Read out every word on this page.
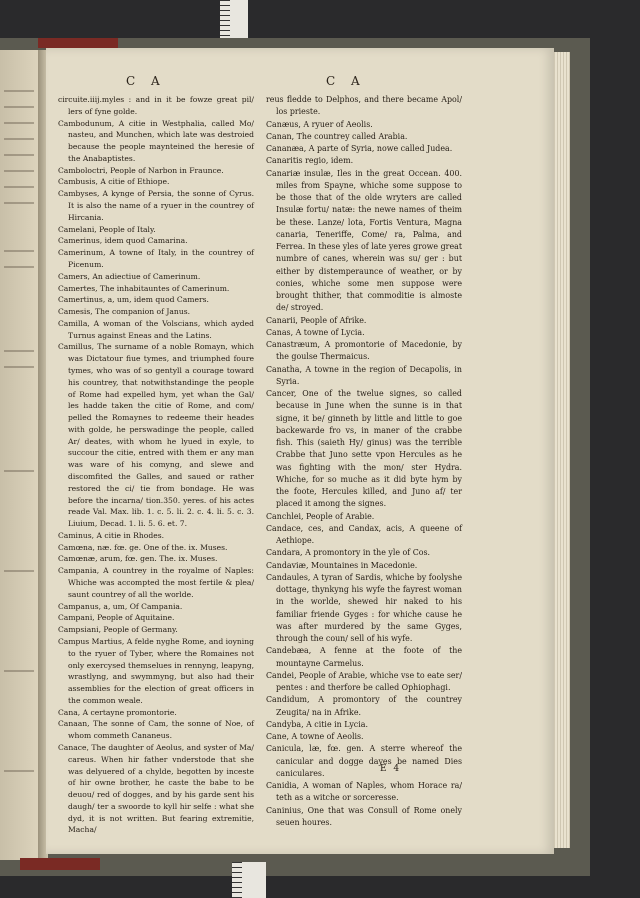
C A	C A

circuite.iiij.myles : and in it be fowze great pil/ lers of fyne golde.

Cambodunum, A citie in Westphalia, called Mo/ nasteu, and Munchen, which late was destroied because the people maynteined the heresie of the Anabaptistes.

Camboloctri, People of Narbon in Fraunce.

Cambusis, A citie of Ethiope.

Cambyses, A kynge of Persia, the sonne of Cyrus. It is also the name of a ryuer in the countrey of Hircania.

Camelani, People of Italy.

Camerinus, idem quod Camarina.

Camerinum, A towne of Italy, in the countrey of Picenum.

Camers, An adiectiue of Camerinum.

Camertes, The inhabitauntes of Camerinum.

Camertinus, a, um, idem quod Camers.

Camesis, The companion of Janus.

Camilla, A woman of the Volscians, which ayded Turnus against Eneas and the Latins.

Camillus, The surname of a noble Romayn, which was Dictatour fiue tymes, and triumphed foure tymes, who was of so gentyll a courage toward his countrey, that notwithstandinge the people of Rome had expelled hym, yet whan the Gal/ les hadde taken the citie of Rome, and com/ pelled the Romaynes to redeeme their heades with golde, he perswadinge the people, called Ar/ deates, with whom he lyued in exyle, to succour the citie, entred with them er any man was ware of his comyng, and slewe and discomfited the Galles, and saued or rather restored the ci/ tie from bondage. He was before the incarna/ tion.350. yeres. of his actes reade Val. Max. lib. 1. c. 5. li. 2. c. 4. li. 5. c. 3. Liuium, Decad. 1. li. 5. 6. et. 7.

Caminus, A citie in Rhodes.

Camœna, næ. fœ. ge. One of the. ix. Muses.

Camœnæ, arum, fœ. gen. The. ix. Muses.

Campania, A countrey in the royalme of Naples: Whiche was accompted the most fertile & plea/ saunt countrey of all the worlde.

Campanus, a, um, Of Campania.

Campani, People of Aquitaine.

Campsiani, People of Germany.

Campus Martius, A felde nyghe Rome, and ioyning to the ryuer of Tyber, where the Romaines not only exercysed themselues in rennyng, leapyng, wrastlyng, and swymmyng, but also had their assemblies for the election of great officers in the common weale.

Cana, A certayne promontorie.

Canaan, The sonne of Cam, the sonne of Noe, of whom commeth Cananeus.

Canace, The daughter of Aeolus, and syster of Ma/ careus. When hir father vnderstode that she was delyuered of a chylde, begotten by inceste of hir owne brother, he caste the babe to be deuou/ red of dogges, and by his garde sent his daugh/ ter a swoorde to kyll hir selfe : what she dyd, it is not written. But fearing extremitie, Macha/

reus fledde to Delphos, and there became Apol/ los prieste.

Canæus, A ryuer of Aeolis.

Canan, The countrey called Arabia.

Cananæa, A parte of Syria, nowe called Judea.

Canaritis regio, idem.

Canariæ insulæ, Iles in the great Occean. 400. miles from Spayne, whiche some suppose to be those that of the olde wryters are called Insulæ fortu/ natæ: the newe names of theim be these. Lanze/ lota, Fortis Ventura, Magna canaria, Teneriffe, Come/ ra, Palma, and Ferrea. In these yles of late yeres growe great numbre of canes, wherein was su/ ger : but either by distemperaunce of weather, or by conies, whiche some men suppose were brought thither, that commoditie is almoste de/ stroyed.

Canarii, People of Afrike.

Canas, A towne of Lycia.

Canastræum, A promontorie of Macedonie, by the goulse Thermaicus.

Canatha, A towne in the region of Decapolis, in Syria.

Cancer, One of the twelue signes, so called because in June when the sunne is in that signe, it be/ ginneth by little and little to goe backewarde fro vs, in maner of the crabbe fish. This (saieth Hy/ ginus) was the terrible Crabbe that Juno sette vpon Hercules as he was fighting with the mon/ ster Hydra. Whiche, for so muche as it did byte hym by the foote, Hercules killed, and Juno af/ ter placed it among the signes.

Canchlei, People of Arabie.

Candace, ces, and Candax, acis, A queene of Aethiope.

Candara, A promontory in the yle of Cos.

Candaviæ, Mountaines in Macedonie.

Candaules, A tyran of Sardis, whiche by foolyshe dottage, thynkyng his wyfe the fayrest woman in the worlde, shewed hir naked to his familiar friende Gyges : for whiche cause he was after murdered by the same Gyges, through the coun/ sell of his wyfe.

Candebæa, A fenne at the foote of the mountayne Carmelus.

Candei, People of Arabie, whiche vse to eate ser/ pentes : and therfore be called Ophiophagi.

Candidum, A promontory of the countrey Zeugita/ na in Afrike.

Candyba, A citie in Lycia.

Cane, A towne of Aeolis.

Canicula, læ, fœ. gen. A sterre whereof the canicular and dogge dayes be named Dies caniculares.

Canidia, A woman of Naples, whom Horace ra/ teth as a witche or sorceresse.

Caninius, One that was Consull of Rome onely seuen houres.

E 4
